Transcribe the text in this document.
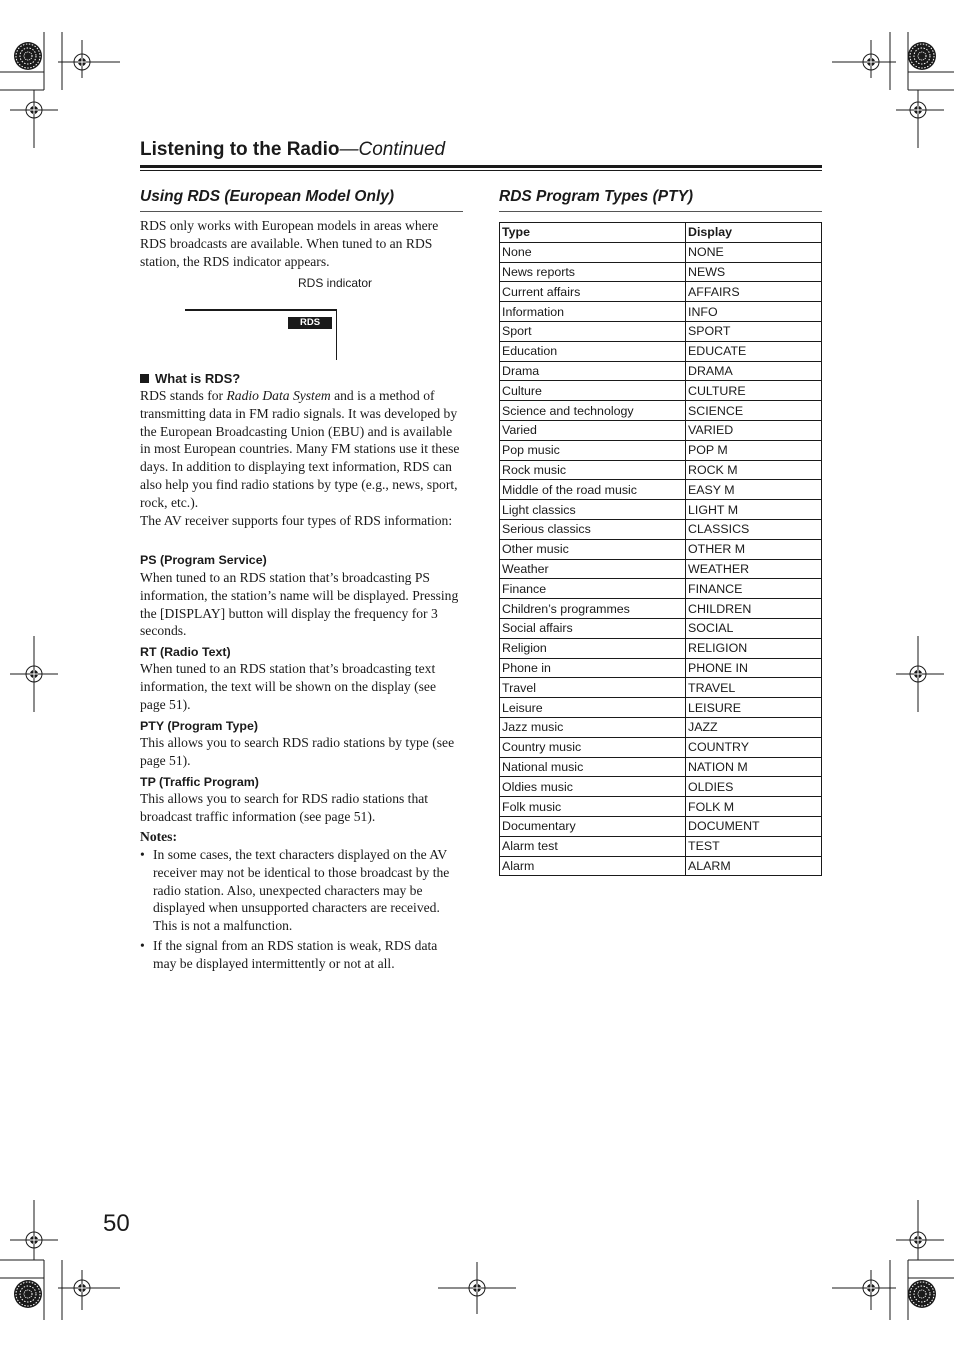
Listening to the Radio—Continued
Using RDS (European Model Only)
RDS only works with European models in areas where RDS broadcasts are available. When tuned to an RDS station, the RDS indicator appears.
RDS indicator
RDS
What is RDS?
RDS stands for Radio Data System and is a method of transmitting data in FM radio signals. It was developed by the European Broadcasting Union (EBU) and is available in most European countries. Many FM stations use it these days. In addition to displaying text information, RDS can also help you find radio stations by type (e.g., news, sport, rock, etc.).
The AV receiver supports four types of RDS information:
PS (Program Service)
When tuned to an RDS station that’s broadcasting PS information, the station’s name will be displayed. Pressing the [DISPLAY] button will display the frequency for 3 seconds.
RT (Radio Text)
When tuned to an RDS station that’s broadcasting text information, the text will be shown on the display (see page 51).
PTY (Program Type)
This allows you to search RDS radio stations by type (see page 51).
TP (Traffic Program)
This allows you to search for RDS radio stations that broadcast traffic information (see page 51).
Notes:
• In some cases, the text characters displayed on the AV receiver may not be identical to those broadcast by the radio station. Also, unexpected characters may be displayed when unsupported characters are received. This is not a malfunction.
• If the signal from an RDS station is weak, RDS data may be displayed intermittently or not at all.
RDS Program Types (PTY)
Type	Display
None	NONE
News reports	NEWS
Current affairs	AFFAIRS
Information	INFO
Sport	SPORT
Education	EDUCATE
Drama	DRAMA
Culture	CULTURE
Science and technology	SCIENCE
Varied	VARIED
Pop music	POP M
Rock music	ROCK M
Middle of the road music	EASY M
Light classics	LIGHT M
Serious classics	CLASSICS
Other music	OTHER M
Weather	WEATHER
Finance	FINANCE
Children’s programmes	CHILDREN
Social affairs	SOCIAL
Religion	RELIGION
Phone in	PHONE IN
Travel	TRAVEL
Leisure	LEISURE
Jazz music	JAZZ
Country music	COUNTRY
National music	NATION M
Oldies music	OLDIES
Folk music	FOLK M
Documentary	DOCUMENT
Alarm test	TEST
Alarm	ALARM
50
